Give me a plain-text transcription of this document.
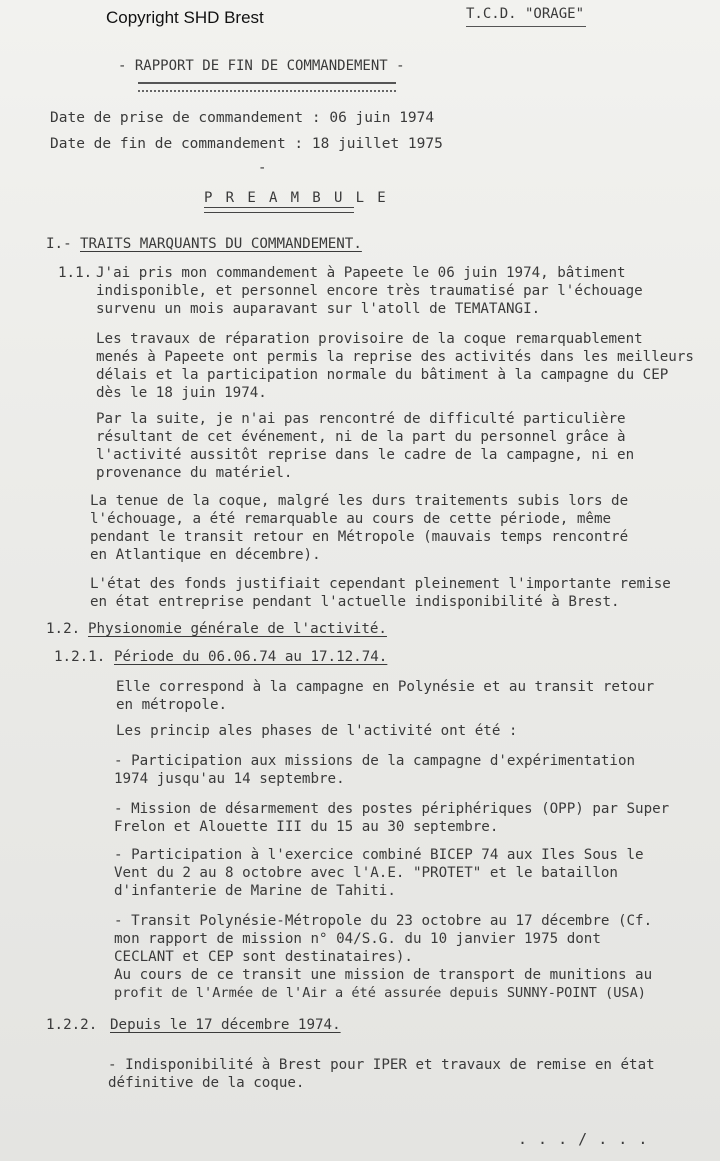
Copyright SHD Brest	T.C.D. "ORAGE"
- RAPPORT DE FIN DE COMMANDEMENT -
Date de prise de commandement : 06 juin 1974
Date de fin de commandement : 18 juillet 1975
-
P R E A M B U L E
I.- TRAITS MARQUANTS DU COMMANDEMENT.
1.1. J'ai pris mon commandement à Papeete le 06 juin 1974, bâtiment
indisponible, et personnel encore très traumatisé par l'échouage
survenu un mois auparavant sur l'atoll de TEMATANGI.
Les travaux de réparation provisoire de la coque remarquablement
menés à Papeete ont permis la reprise des activités dans les meilleurs
délais et la participation normale du bâtiment à la campagne du CEP
dès le 18 juin 1974.
Par la suite, je n'ai pas rencontré de difficulté particulière
résultant de cet événement, ni de la part du personnel grâce à
l'activité aussitôt reprise dans le cadre de la campagne, ni en
provenance du matériel.
La tenue de la coque, malgré les durs traitements subis lors de
l'échouage, a été remarquable au cours de cette période, même
pendant le transit retour en Métropole (mauvais temps rencontré
en Atlantique en décembre).
L'état des fonds justifiait cependant pleinement l'importante remise
en état entreprise pendant l'actuelle indisponibilité à Brest.
1.2. Physionomie générale de l'activité.
1.2.1. Période du 06.06.74 au 17.12.74.
Elle correspond à la campagne en Polynésie et au transit retour
en métropole.
Les princip ales phases de l'activité ont été :
- Participation aux missions de la campagne d'expérimentation
1974 jusqu'au 14 septembre.
- Mission de désarmement des postes périphériques (OPP) par Super
Frelon et Alouette III du 15 au 30 septembre.
- Participation à l'exercice combiné BICEP 74 aux Iles Sous le
Vent du 2 au 8 octobre avec l'A.E. "PROTET" et le bataillon
d'infanterie de Marine de Tahiti.
- Transit Polynésie-Métropole du 23 octobre au 17 décembre (Cf.
mon rapport de mission n° 04/S.G. du 10 janvier 1975 dont
CECLANT et CEP sont destinataires).
Au cours de ce transit une mission de transport de munitions au
profit de l'Armée de l'Air a été assurée depuis SUNNY-POINT (USA)
1.2.2. Depuis le 17 décembre 1974.
- Indisponibilité à Brest pour IPER et travaux de remise en état
définitive de la coque.
. . . / . . .
